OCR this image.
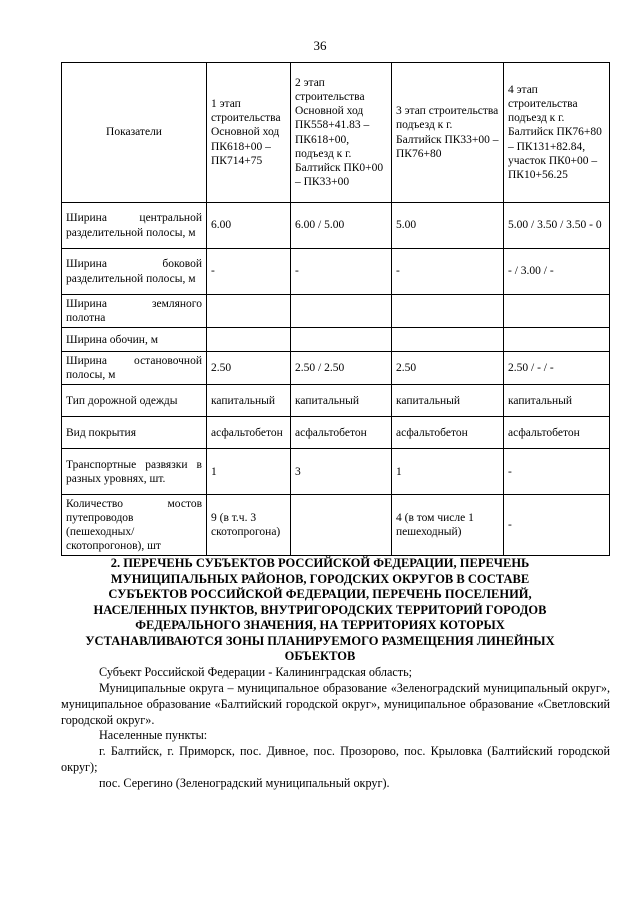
36
Показатели	1 этап строительства Основной ход ПК618+00 – ПК714+75	2 этап строительства Основной ход ПК558+41.83 – ПК618+00, подъезд к г. Балтийск ПК0+00 – ПК33+00	3 этап строительства подъезд к г. Балтийск ПК33+00 – ПК76+80	4 этап строительства подъезд к г. Балтийск ПК76+80 – ПК131+82.84, участок ПК0+00 – ПК10+56.25
Ширина центральной разделительной полосы, м	6.00	6.00 / 5.00	5.00	5.00 / 3.50 / 3.50 - 0
Ширина боковой разделительной полосы, м	-	-	-	- / 3.00 / -
Ширина земляного полотна				
Ширина обочин, м				
Ширина остановочной полосы, м	2.50	2.50 / 2.50	2.50	2.50 / - / -
Тип дорожной одежды	капитальный	капитальный	капитальный	капитальный
Вид покрытия	асфальтобетон	асфальтобетон	асфальтобетон	асфальтобетон
Транспортные развязки в разных уровнях, шт.	1	3	1	-
Количество мостов путепроводов (пешеходных/скотопрогонов), шт	9 (в т.ч. 3 скотопрогона)		4 (в том числе 1 пешеходный)	-
2. ПЕРЕЧЕНЬ СУБЪЕКТОВ РОССИЙСКОЙ ФЕДЕРАЦИИ, ПЕРЕЧЕНЬ МУНИЦИПАЛЬНЫХ РАЙОНОВ, ГОРОДСКИХ ОКРУГОВ В СОСТАВЕ СУБЪЕКТОВ РОССИЙСКОЙ ФЕДЕРАЦИИ, ПЕРЕЧЕНЬ ПОСЕЛЕНИЙ, НАСЕЛЕННЫХ ПУНКТОВ, ВНУТРИГОРОДСКИХ ТЕРРИТОРИЙ ГОРОДОВ ФЕДЕРАЛЬНОГО ЗНАЧЕНИЯ, НА ТЕРРИТОРИЯХ КОТОРЫХ УСТАНАВЛИВАЮТСЯ ЗОНЫ ПЛАНИРУЕМОГО РАЗМЕЩЕНИЯ ЛИНЕЙНЫХ ОБЪЕКТОВ

Субъект Российской Федерации - Калининградская область;

Муниципальные округа – муниципальное образование «Зеленоградский муниципальный округ», муниципальное образование «Балтийский городской округ», муниципальное образование «Светловский городской округ».

Населенные пункты:

г. Балтийск, г. Приморск, пос. Дивное, пос. Прозорово, пос. Крыловка (Балтийский городской округ);

пос. Серегино (Зеленоградский муниципальный округ).
